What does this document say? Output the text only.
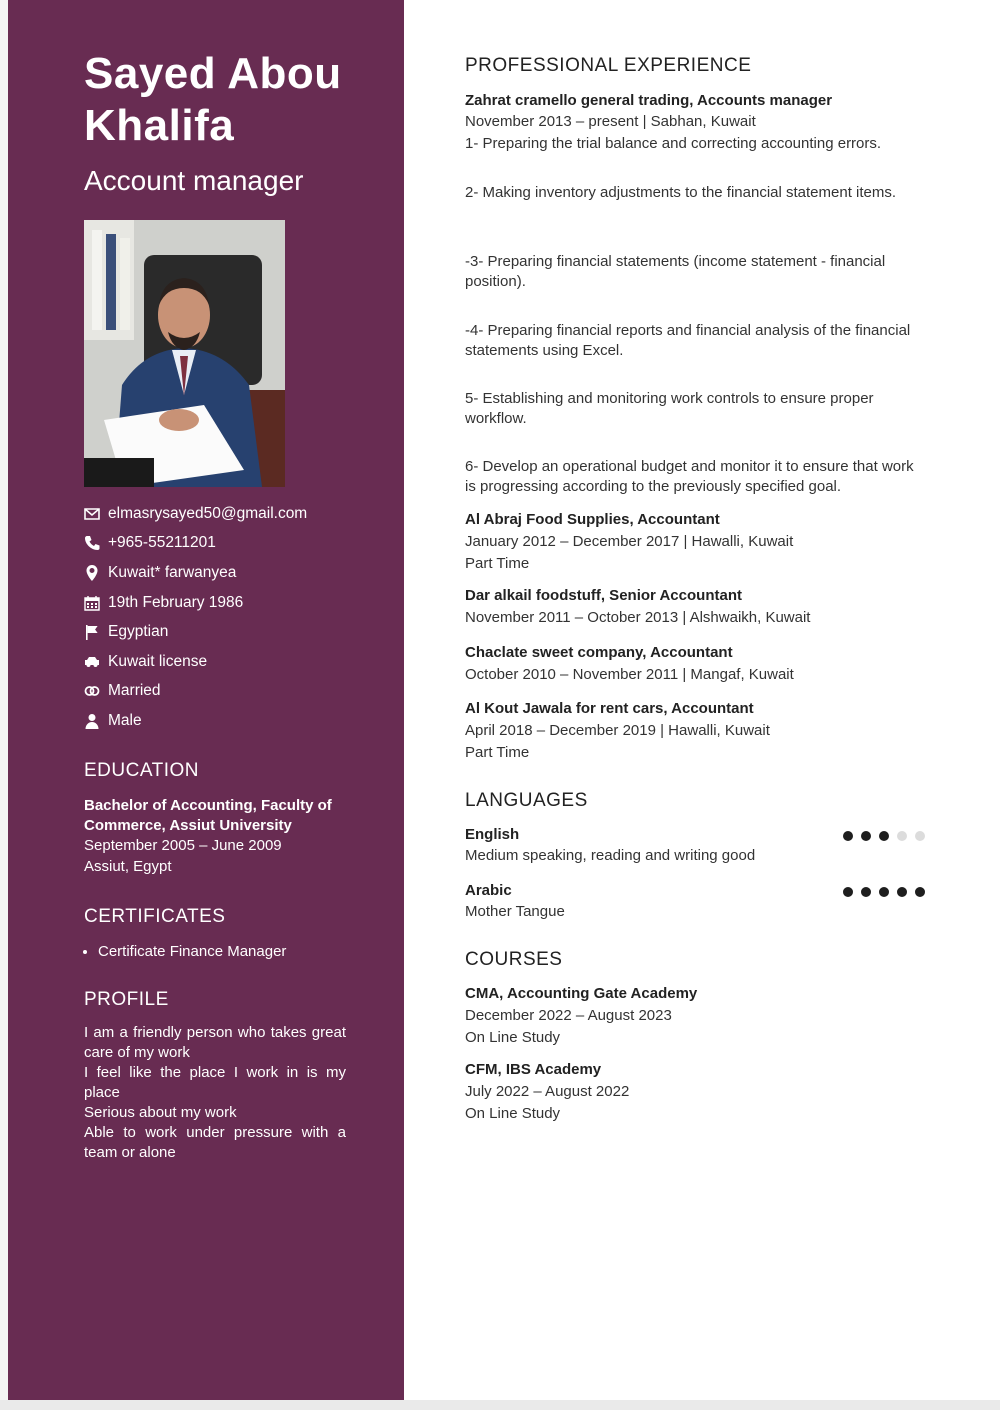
Sayed Abou Khalifa
Account manager
elmasrysayed50@gmail.com
+965-55211201
Kuwait* farwanyea
19th February 1986
Egyptian
Kuwait license
Married
Male
EDUCATION
Bachelor of Accounting, Faculty of Commerce, Assiut University
September 2005 – June 2009
Assiut, Egypt
CERTIFICATES
• Certificate Finance Manager
PROFILE
I am a friendly person who takes great care of my work
I feel like the place I work in is my place
Serious about my work
Able to work under pressure with a team or alone
PROFESSIONAL EXPERIENCE
Zahrat cramello general trading, Accounts manager
November 2013 – present | Sabhan, Kuwait
1- Preparing the trial balance and correcting accounting errors.
2- Making inventory adjustments to the financial statement items.
-3- Preparing financial statements (income statement - financial position).
-4- Preparing financial reports and financial analysis of the financial statements using Excel.
5- Establishing and monitoring work controls to ensure proper workflow.
6- Develop an operational budget and monitor it to ensure that work is progressing according to the previously specified goal.
Al Abraj Food Supplies, Accountant
January 2012 – December 2017 | Hawalli, Kuwait
Part Time
Dar alkail foodstuff, Senior Accountant
November 2011 – October 2013 | Alshwaikh, Kuwait
Chaclate sweet company, Accountant
October 2010 – November 2011 | Mangaf, Kuwait
Al Kout Jawala for rent cars, Accountant
April 2018 – December 2019 | Hawalli, Kuwait
Part Time
LANGUAGES
English
Medium speaking, reading and writing good
Arabic
Mother Tangue
COURSES
CMA, Accounting Gate Academy
December 2022 – August 2023
On Line Study
CFM, IBS Academy
July 2022 – August 2022
On Line Study
